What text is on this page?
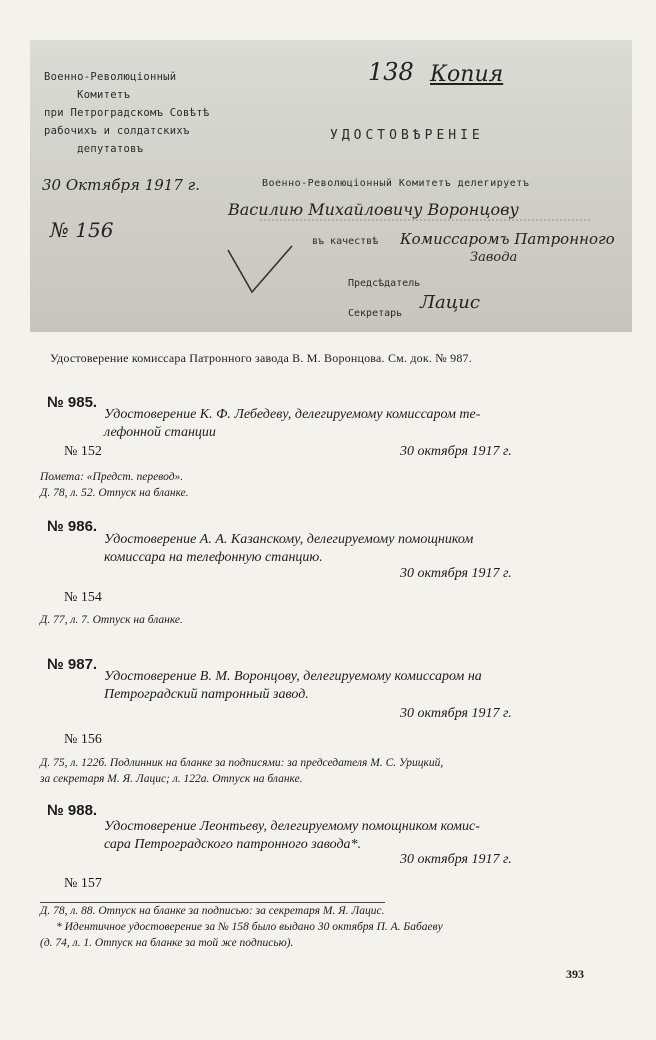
Военно-Революцiонный
Комитетъ
при Петроградскомъ Совѣтѣ
рабочихъ и солдатскихъ
депутатовъ
УДОСТОВѢРЕНIЕ
Военно-Революцiонный Комитетъ делегируетъ
въ качествѣ
Предсѣдатель
Секретарь
30 Октября 1917 г.
№ 156
138 Копия
Василию Михайловичу Воронцову
Комиссаромъ Патронного
Завода
Лацис
Удостоверение комиссара Патронного завода В. М. Воронцова. См. док. № 987.
№ 985.
Удостоверение К. Ф. Лебедеву, делегируемому комиссаром те-
лефонной станции
№ 152	30 октября 1917 г.
Помета: «Предст. перевод».
Д. 78, л. 52. Отпуск на бланке.
№ 986.
Удостоверение А. А. Казанскому, делегируемому помощником
комиссара на телефонную станцию.
30 октября 1917 г.
№ 154
Д. 77, л. 7. Отпуск на бланке.
№ 987.
Удостоверение В. М. Воронцову, делегируемому комиссаром на
Петроградский патронный завод.
30 октября 1917 г.
№ 156
Д. 75, л. 122б. Подлинник на бланке за подписями: за председателя М. С. Урицкий,
за секретаря М. Я. Лацис; л. 122а. Отпуск на бланке.
№ 988.
Удостоверение Леонтьеву, делегируемому помощником комис-
сара Петроградского патронного завода*.
30 октября 1917 г.
№ 157
Д. 78, л. 88. Отпуск на бланке за подписью: за секретаря М. Я. Лацис.
* Идентичное удостоверение за № 158 было выдано 30 октября П. А. Бабаеву
(д. 74, л. 1. Отпуск на бланке за той же подписью).
393
